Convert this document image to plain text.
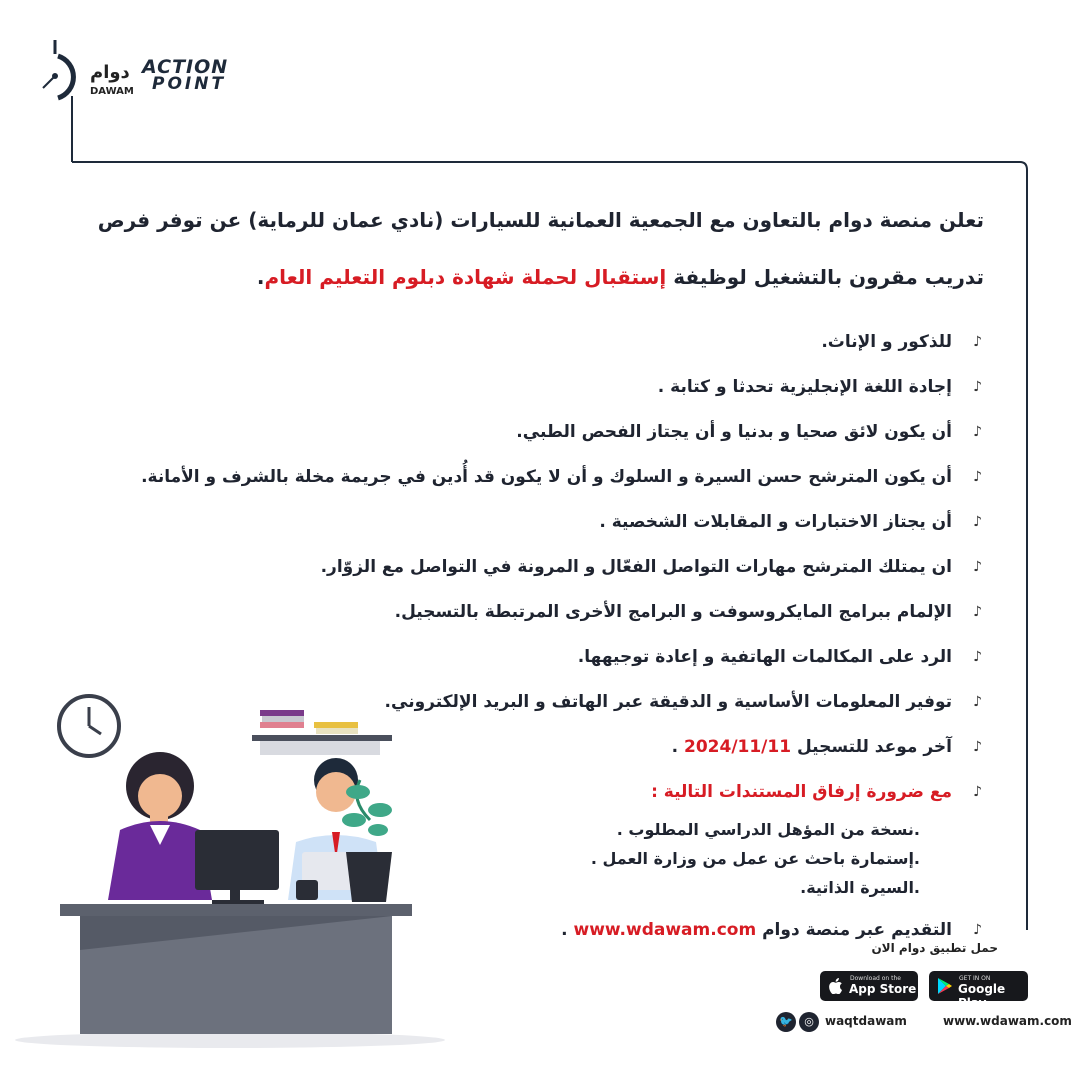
دوام
DAWAM
ACTION
POINT

تعلن منصة دوام بالتعاون مع الجمعية العمانية للسيارات (نادي عمان للرماية) عن توفر فرص تدريب مقرون بالتشغيل لوظيفة إستقبال لحملة شهادة دبلوم التعليم العام.

♪
للذكور و الإناث.
♪
إجادة اللغة الإنجليزية تحدثا و كتابة .
♪
أن يكون لائق صحيا و بدنيا و أن يجتاز الفحص الطبي.
♪
أن يكون المترشح حسن السيرة و السلوك و أن لا يكون قد أُدين في جريمة مخلة بالشرف و الأمانة.
♪
أن يجتاز الاختبارات و المقابلات الشخصية .
♪
ان يمتلك المترشح مهارات التواصل الفعّال و المرونة في التواصل مع الزوّار.
♪
الإلمام ببرامج المايكروسوفت و البرامج الأخرى المرتبطة بالتسجيل.
♪
الرد على المكالمات الهاتفية و إعادة توجيهها.
♪
توفير المعلومات الأساسية و الدقيقة عبر الهاتف و البريد الإلكتروني.
♪
آخر موعد للتسجيل 2024/11/11 .
♪
مع ضرورة إرفاق المستندات التالية :
.نسخة من المؤهل الدراسي المطلوب .
.إستمارة باحث عن عمل من وزارة العمل .
.السيرة الذاتية.
♪
التقديم عبر منصة دوام www.wdawam.com .
حمل تطبيق دوام الان
Download on the
App Store
GET IN ON
Google Play
🐦	◎ waqtdawam	www.wdawam.com
